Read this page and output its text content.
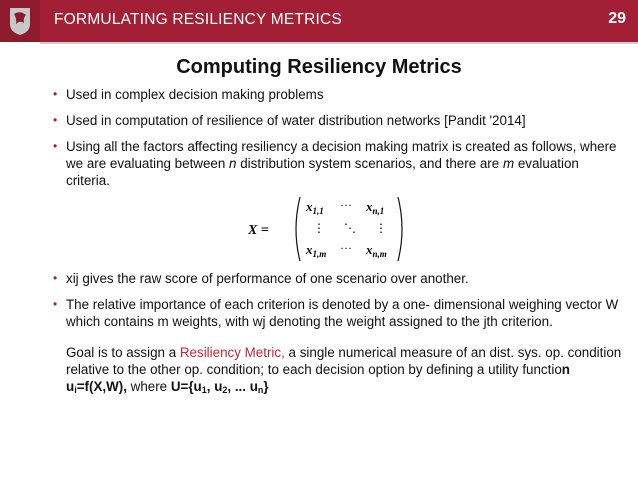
FORMULATING RESILIENCY METRICS	29
Computing Resiliency Metrics
• Used in complex decision making problems
• Used in computation of resilience of water distribution networks [Pandit '2014]
• Using all the factors affecting resiliency a decision making matrix is created as follows, where we are evaluating between n distribution system scenarios, and there are m evaluation criteria.
X =
$x_{1,1}$ ··· $x_{n,1}$
⋮ ⋱ ⋮
$x_{1,m}$ ··· $x_{n,m}$
• xij gives the raw score of performance of one scenario over another.
• The relative importance of each criterion is denoted by a one- dimensional weighing vector W which contains m weights, with wj denoting the weight assigned to the jth criterion.
Goal is to assign a Resiliency Metric, a single numerical measure of an dist. sys. op. condition relative to the other op. condition; to each decision option by defining a utility function $u_i=f(X,W)$, where $U=\{u_1$, $u_2$, ... $u_n$}
